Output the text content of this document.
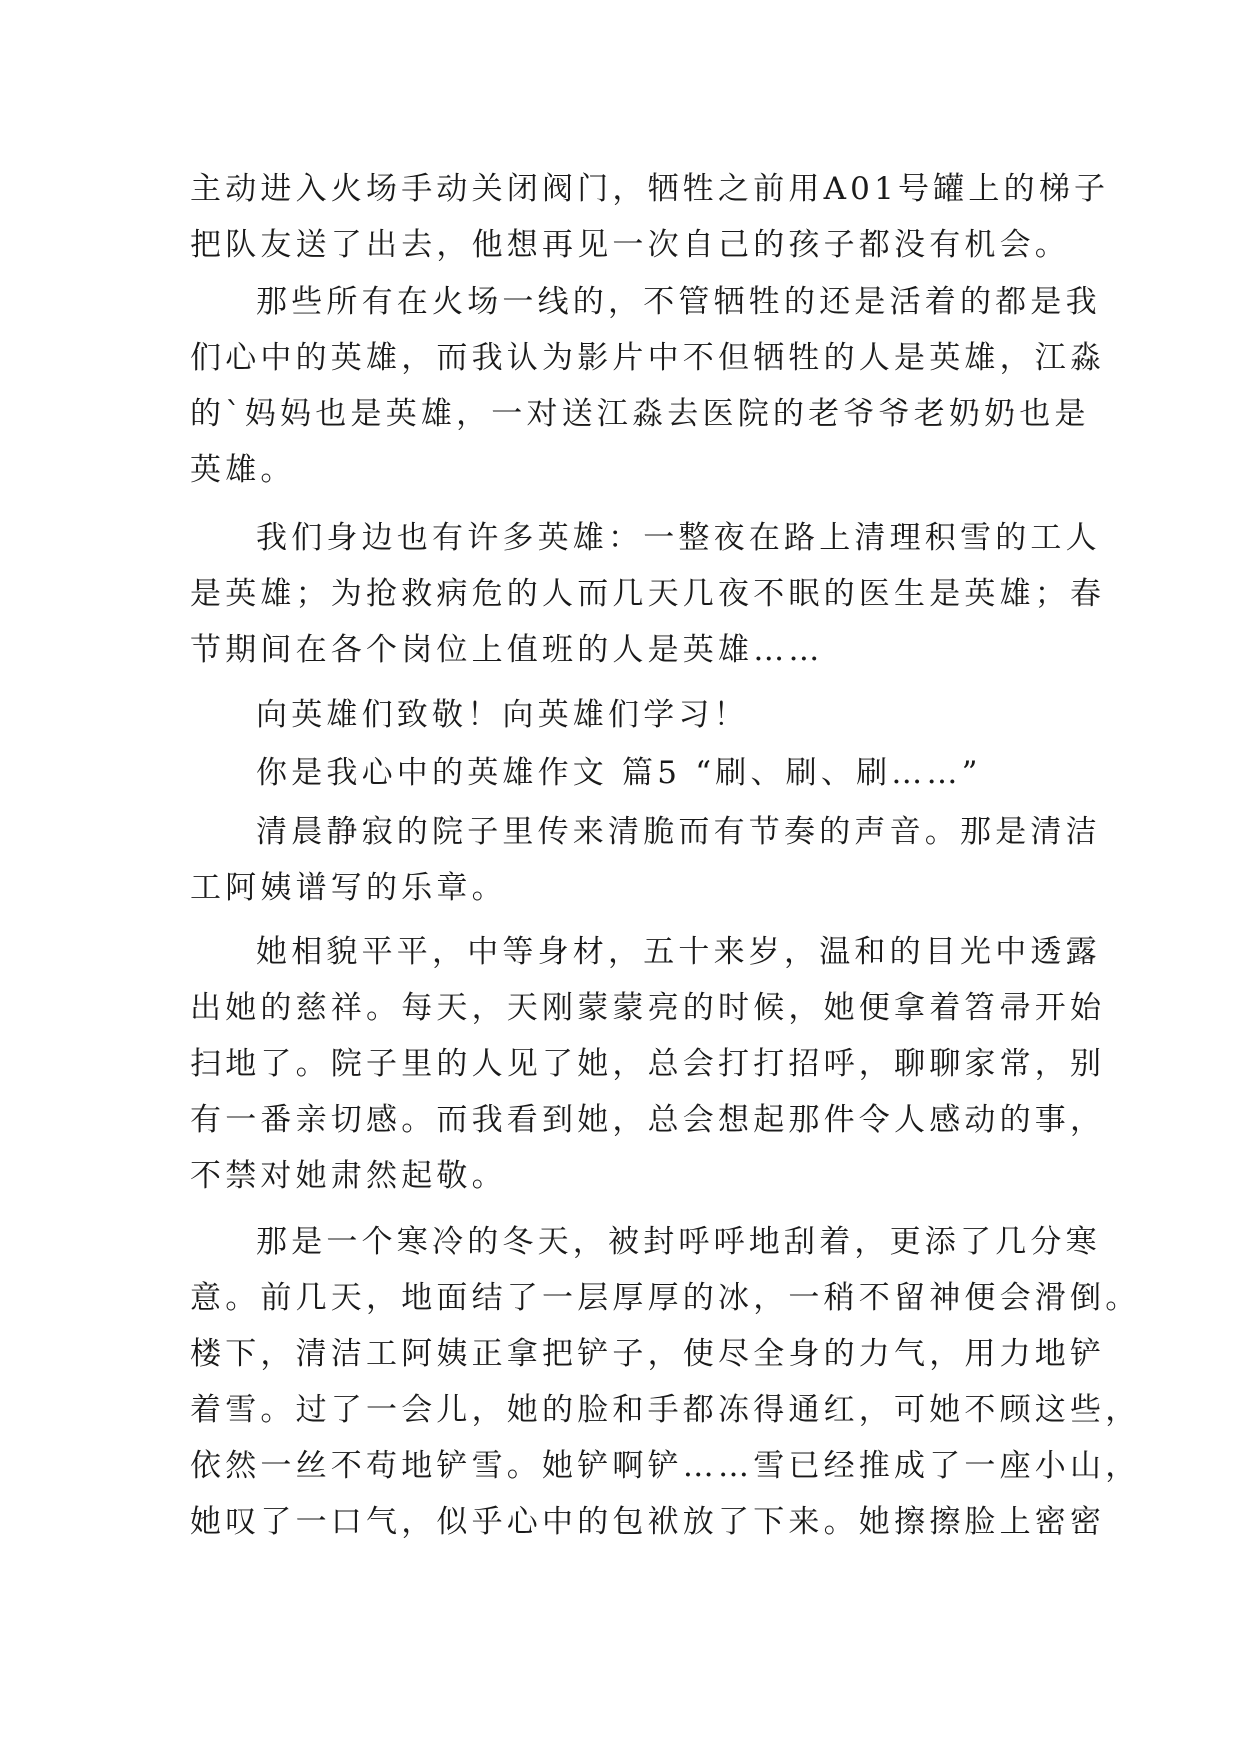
主动进入火场手动关闭阀门，牺牲之前用A01号罐上的梯子
把队友送了出去，他想再见一次自己的孩子都没有机会。
那些所有在火场一线的，不管牺牲的还是活着的都是我
们心中的英雄，而我认为影片中不但牺牲的人是英雄，江淼
的`妈妈也是英雄，一对送江淼去医院的老爷爷老奶奶也是
英雄。
我们身边也有许多英雄：一整夜在路上清理积雪的工人
是英雄；为抢救病危的人而几天几夜不眠的医生是英雄；春
节期间在各个岗位上值班的人是英雄……
向英雄们致敬！向英雄们学习！
你是我心中的英雄作文 篇5 “刷、刷、刷……”
清晨静寂的院子里传来清脆而有节奏的声音。那是清洁
工阿姨谱写的乐章。
她相貌平平，中等身材，五十来岁，温和的目光中透露
出她的慈祥。每天，天刚蒙蒙亮的时候，她便拿着笤帚开始
扫地了。院子里的人见了她，总会打打招呼，聊聊家常，别
有一番亲切感。而我看到她，总会想起那件令人感动的事，
不禁对她肃然起敬。
那是一个寒冷的冬天，被封呼呼地刮着，更添了几分寒
意。前几天，地面结了一层厚厚的冰，一稍不留神便会滑倒。
楼下，清洁工阿姨正拿把铲子，使尽全身的力气，用力地铲
着雪。过了一会儿，她的脸和手都冻得通红，可她不顾这些，
依然一丝不苟地铲雪。她铲啊铲……雪已经推成了一座小山，
她叹了一口气，似乎心中的包袱放了下来。她擦擦脸上密密
